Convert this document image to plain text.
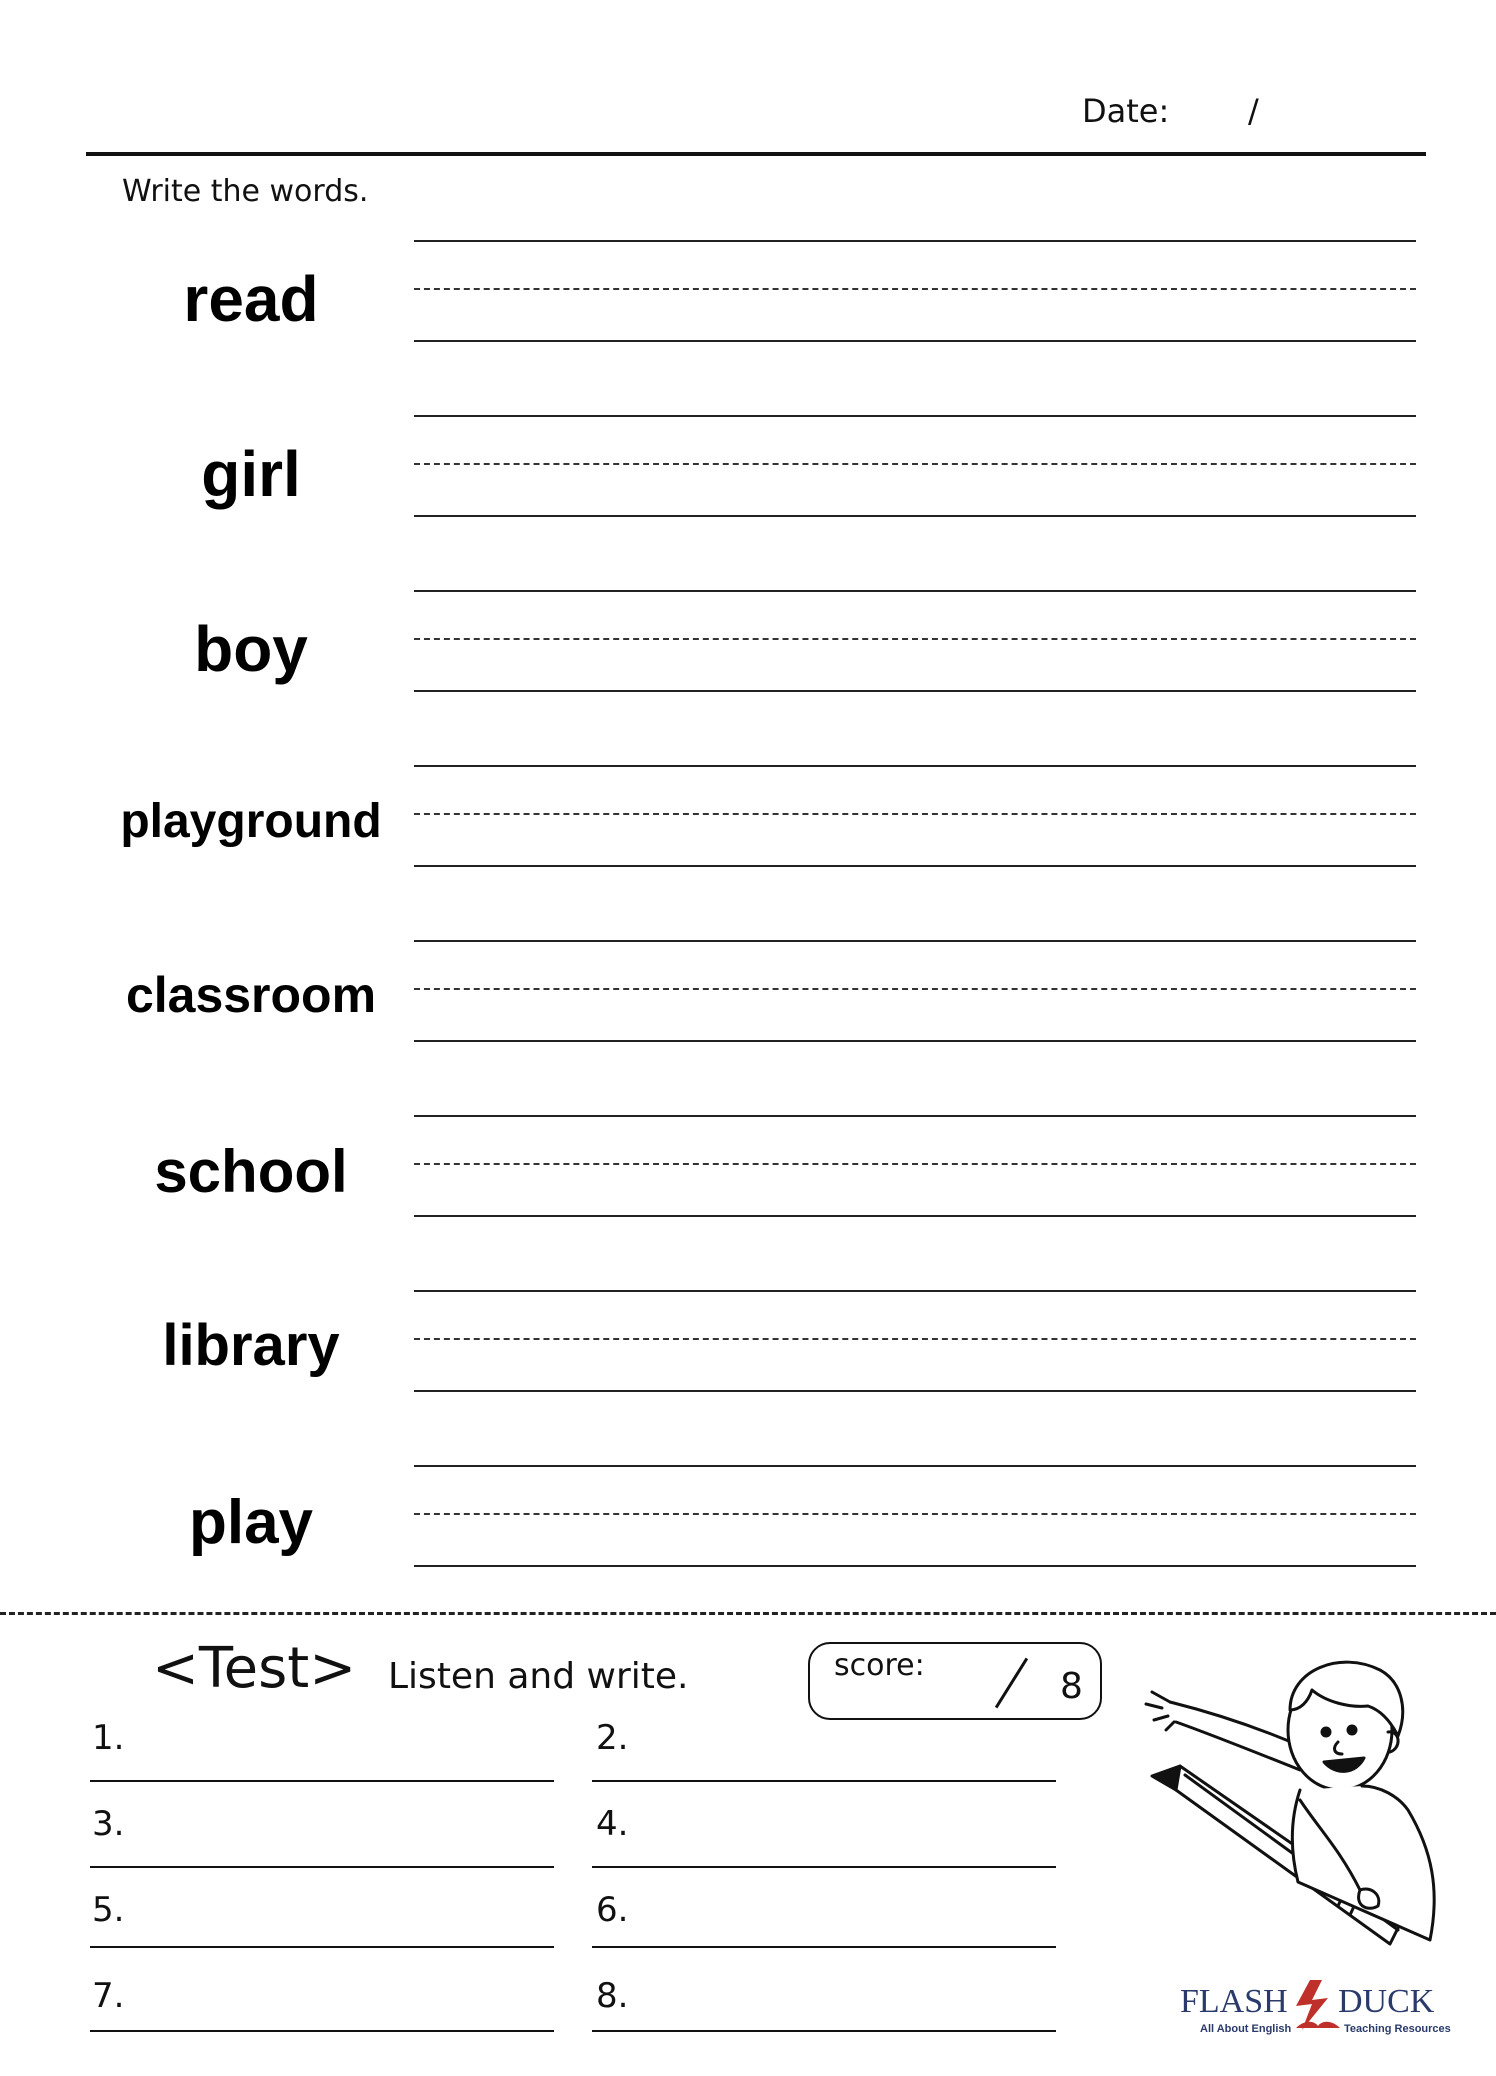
Date: /
Write the words.
read
girl
boy
playground
classroom
school
library
play
<Test> Listen and write.	score:
8
1.	2.
3.	4.
5.	6.
7.	8.	FLASH DUCK
All About English	Teaching Resources
